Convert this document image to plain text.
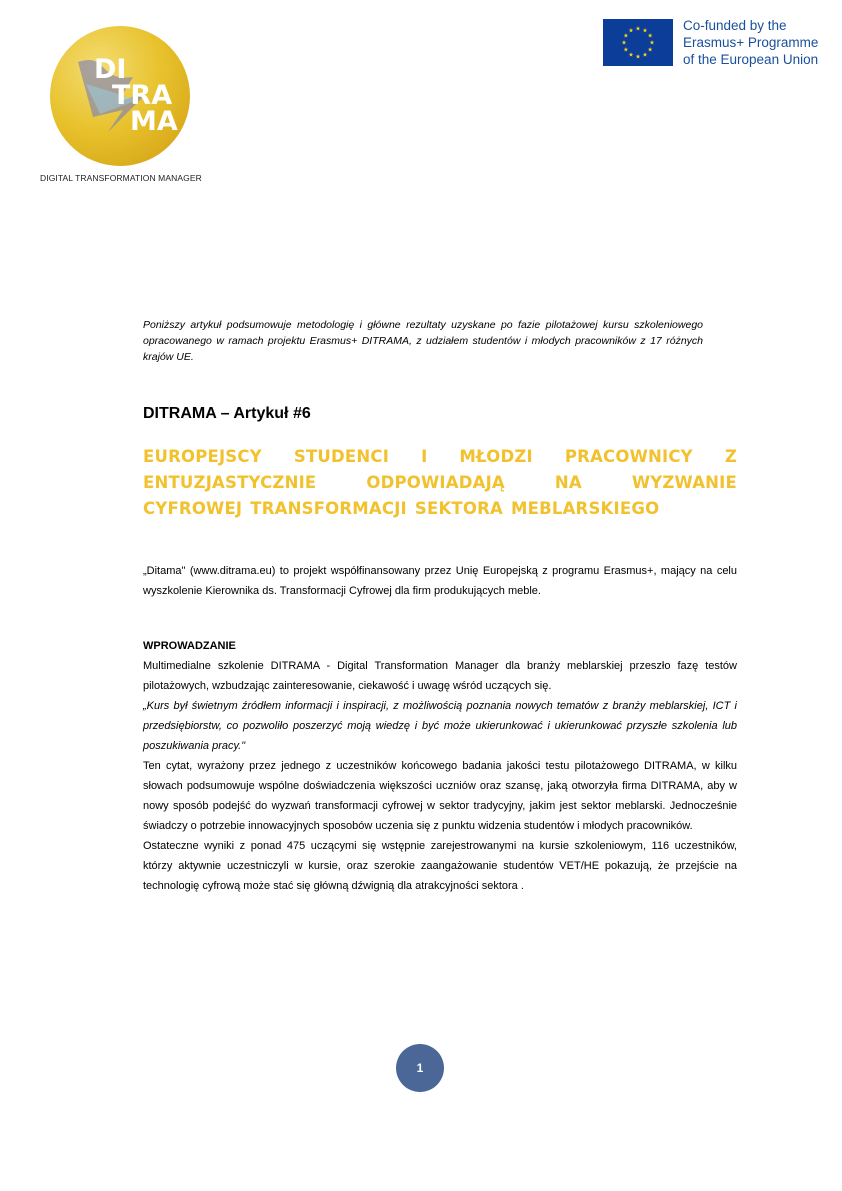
DI
TRA
MA
DIGITAL TRANSFORMATION MANAGER
Co-funded by the
Erasmus+ Programme
of the European Union
Poniższy artykuł podsumowuje metodologię i główne rezultaty uzyskane po fazie pilotażowej kursu szkoleniowego opracowanego w ramach projektu Erasmus+ DITRAMA, z udziałem studentów i młodych pracowników z 17 różnych krajów UE.
DITRAMA – Artykuł #6
EUROPEJSCY STUDENCI I MŁODZI PRACOWNICY Z
ENTUZJASTYCZNIE	ODPOWIADAJĄ	NA	WYZWANIE
CYFROWEJ TRANSFORMACJI SEKTORA MEBLARSKIEGO
„Ditama" (www.ditrama.eu) to projekt współfinansowany przez Unię Europejską z programu Erasmus+, mający na celu wyszkolenie Kierownika ds. Transformacji Cyfrowej dla firm produkujących meble.

WPROWADZANIE

Multimedialne szkolenie DITRAMA - Digital Transformation Manager dla branży meblarskiej przeszło fazę testów pilotażowych, wzbudzając zainteresowanie, ciekawość i uwagę wśród uczących się.

„Kurs był świetnym źródłem informacji i inspiracji, z możliwością poznania nowych tematów z branży meblarskiej, ICT i przedsiębiorstw, co pozwoliło poszerzyć moją wiedzę i być może ukierunkować i ukierunkować przyszłe szkolenia lub poszukiwania pracy."

Ten cytat, wyrażony przez jednego z uczestników końcowego badania jakości testu pilotażowego DITRAMA, w kilku słowach podsumowuje wspólne doświadczenia większości uczniów oraz szansę, jaką otworzyła firma DITRAMA, aby w nowy sposób podejść do wyzwań transformacji cyfrowej w sektor tradycyjny, jakim jest sektor meblarski. Jednocześnie świadczy o potrzebie innowacyjnych sposobów uczenia się z punktu widzenia studentów i młodych pracowników.

Ostateczne wyniki z ponad 475 uczącymi się wstępnie zarejestrowanymi na kursie szkoleniowym, 116 uczestników, którzy aktywnie uczestniczyli w kursie, oraz szerokie zaangażowanie studentów VET/HE pokazują, że przejście na technologię cyfrową może stać się główną dźwignią dla atrakcyjności sektora .

1
